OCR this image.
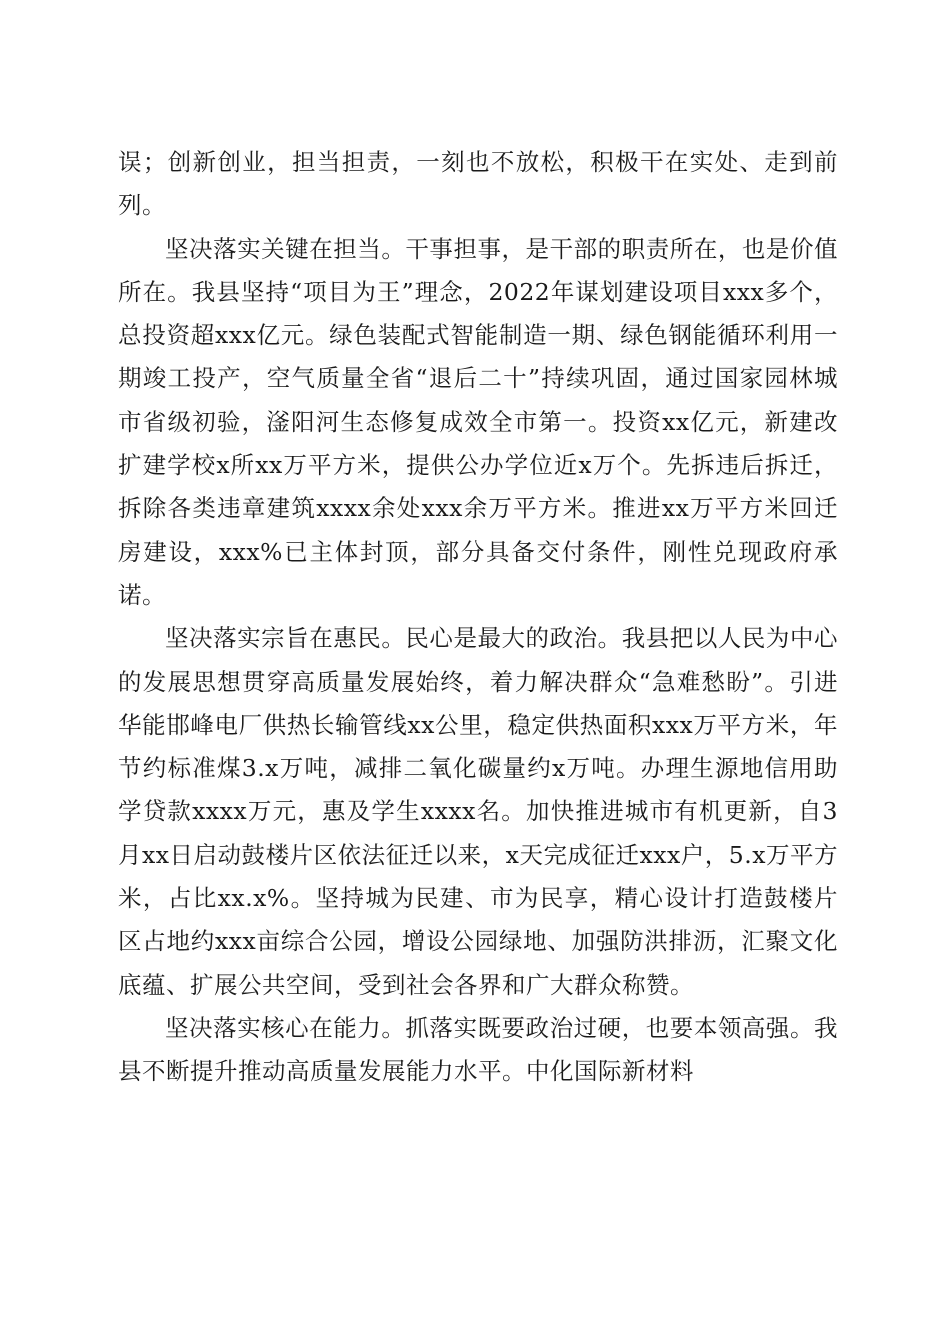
误；创新创业，担当担责，一刻也不放松，积极干在实处、走到前列。

坚决落实关键在担当。干事担事，是干部的职责所在，也是价值所在。我县坚持“项目为王”理念，2022年谋划建设项目xxx多个，总投资超xxx亿元。绿色装配式智能制造一期、绿色钢能循环利用一期竣工投产，空气质量全省“退后二十”持续巩固，通过国家园林城市省级初验，滏阳河生态修复成效全市第一。投资xx亿元，新建改扩建学校x所xx万平方米，提供公办学位近x万个。先拆违后拆迁，拆除各类违章建筑xxxx余处xxx余万平方米。推进xx万平方米回迁房建设，xxx%已主体封顶，部分具备交付条件，刚性兑现政府承诺。

坚决落实宗旨在惠民。民心是最大的政治。我县把以人民为中心的发展思想贯穿高质量发展始终，着力解决群众“急难愁盼”。引进华能邯峰电厂供热长输管线xx公里，稳定供热面积xxx万平方米，年节约标准煤3.x万吨，减排二氧化碳量约x万吨。办理生源地信用助学贷款xxxx万元，惠及学生xxxx名。加快推进城市有机更新，自3月xx日启动鼓楼片区依法征迁以来，x天完成征迁xxx户，5.x万平方米，占比xx.x%。坚持城为民建、市为民享，精心设计打造鼓楼片区占地约xxx亩综合公园，增设公园绿地、加强防洪排沥，汇聚文化底蕴、扩展公共空间，受到社会各界和广大群众称赞。

坚决落实核心在能力。抓落实既要政治过硬，也要本领高强。我县不断提升推动高质量发展能力水平。中化国际新材料
